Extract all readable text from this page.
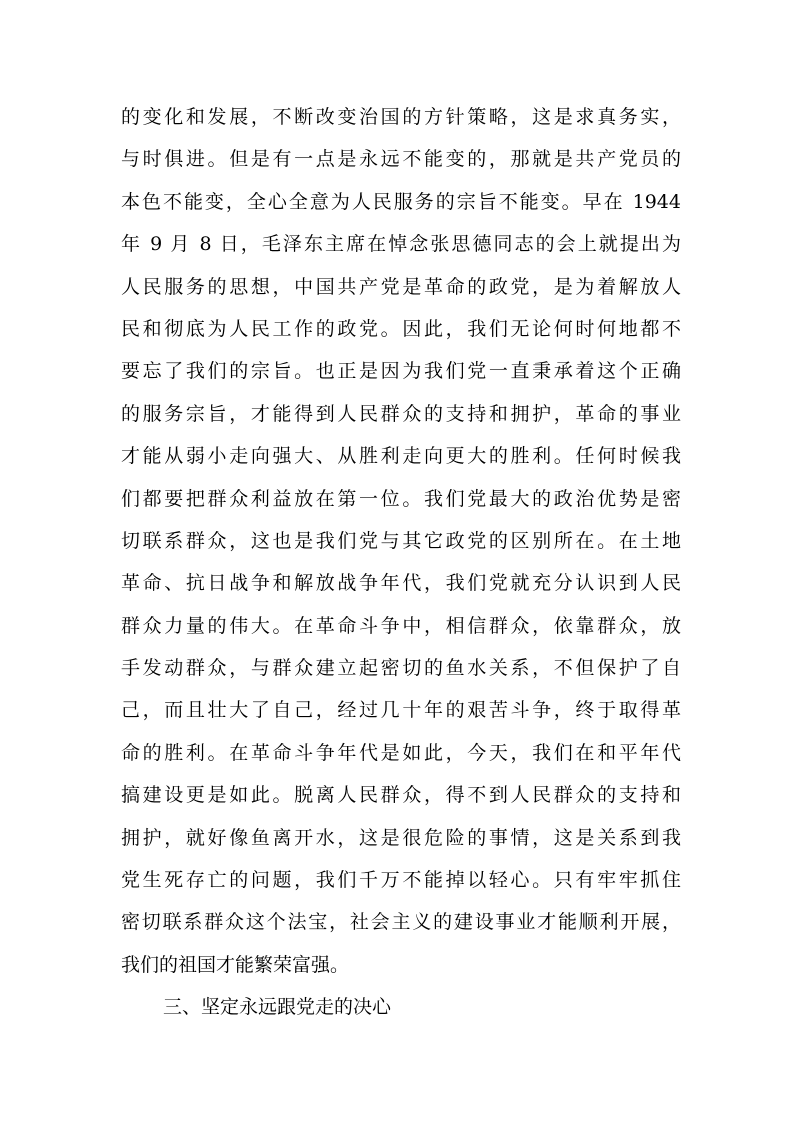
的变化和发展，不断改变治国的方针策略，这是求真务实，
与时俱进。但是有一点是永远不能变的，那就是共产党员的
本色不能变，全心全意为人民服务的宗旨不能变。早在 1944
年 9 月 8 日，毛泽东主席在悼念张思德同志的会上就提出为
人民服务的思想，中国共产党是革命的政党，是为着解放人
民和彻底为人民工作的政党。因此，我们无论何时何地都不
要忘了我们的宗旨。也正是因为我们党一直秉承着这个正确
的服务宗旨，才能得到人民群众的支持和拥护，革命的事业
才能从弱小走向强大、从胜利走向更大的胜利。任何时候我
们都要把群众利益放在第一位。我们党最大的政治优势是密
切联系群众，这也是我们党与其它政党的区别所在。在土地
革命、抗日战争和解放战争年代，我们党就充分认识到人民
群众力量的伟大。在革命斗争中，相信群众，依靠群众，放
手发动群众，与群众建立起密切的鱼水关系，不但保护了自
己，而且壮大了自己，经过几十年的艰苦斗争，终于取得革
命的胜利。在革命斗争年代是如此，今天，我们在和平年代
搞建设更是如此。脱离人民群众，得不到人民群众的支持和
拥护，就好像鱼离开水，这是很危险的事情，这是关系到我
党生死存亡的问题，我们千万不能掉以轻心。只有牢牢抓住
密切联系群众这个法宝，社会主义的建设事业才能顺利开展，
我们的祖国才能繁荣富强。
三、坚定永远跟党走的决心
